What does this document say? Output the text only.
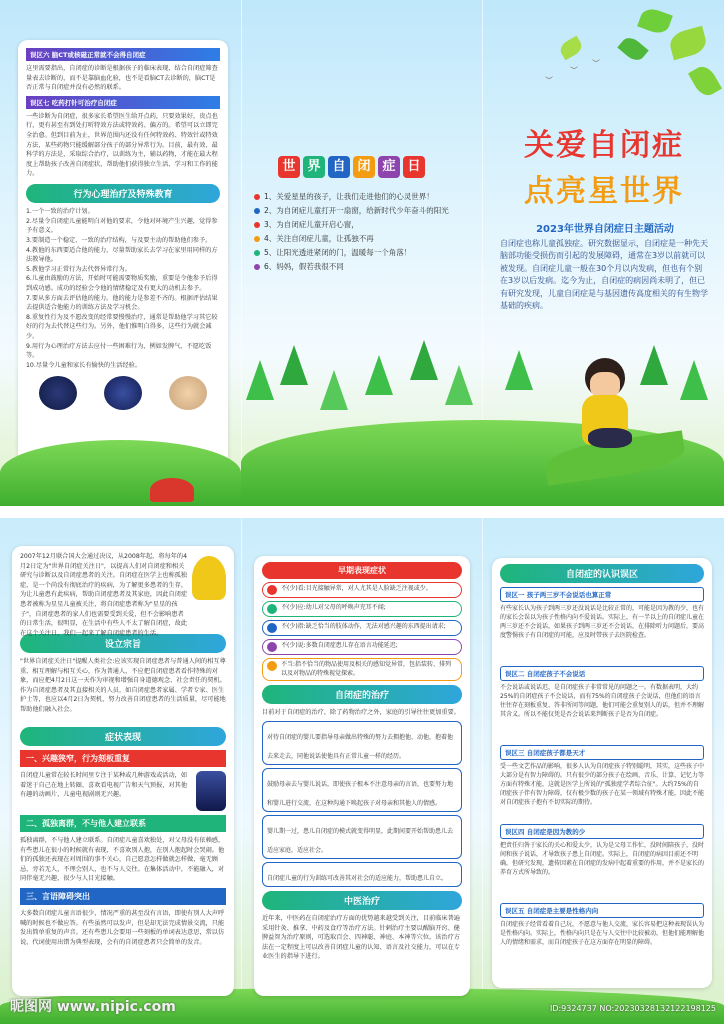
︶
︶
︶
误区六 脑CT或核磁正常就不会得自闭症
这里需要指出，自闭症的诊断是根据孩子的临床表现，结合自闭症筛查量表去诊断的，而不是靠脑血化验，也不是看脑CT去诊断的，脑CT是否正常与自闭症并没有必然的联系。
误区七 吃药打针可治疗自闭症
一些诊断为自闭症，很多家长希望医生给开点药，只要效果好，贵点也行，更有甚至有到处打听特效方法或特效药、偏方的。希望可以立即完全治愈。但到目前为止，世界范围内还没有任何特效药、特效针或特效方法，某些药物只能缓解部分孩子的部分异常行为。目前，最有效、最科学的方法是，采取综合治疗，以训练为主，辅以药物，才能在最大程度上帮助孩子改善自闭症状，帮助他们获得独立生活、学习和工作的能力。
行为心理治疗及特殊教育
1.一个一致的治疗计划。
2.尽量令自闭症儿童能明白对他的要求，令他对环境产生兴趣，觉得参予有意义。
3.要制造一个稳定、一致的治疗结构，与及要主动的帮助他们参予。
4.教他的东西要适合他的能力，尽量帮助家长去学习在家里用同样的方法教导他。
5.教他学习正常行为去代替异常行为。
6.儿童由鼓励的方法，开始时可能需要物质奖励，重要是令他参予后得到成功感。成功的经验会令他的情绪稳定及有更大的动机去参予。
7.要从多方面去评估他的能力。他的能力是参差不齐的。根据评估结果去提供适合他能力的训练方法及学习机会。
8.重复性行为及不愿改变的经常要慢慢治疗，通常是帮助他学习其它较好的行为去代替这些行为。另外，他们惟明白得多，这些行为就会减少。
9.用行为心理治疗方法去应付一些困难行为，例如发脾气、不愿吃饭等。
10.尽量令儿童和家长有愉快的生活经验。
世 界 自 闭 症 日
1、关爱星星的孩子，让我们走进他们的心灵世界！
2、为自闭症儿童打开一扇窗，给新时代少年奋斗的阳光
3、为自闭症儿童开启心窗，
4、关注自闭症儿童，让孤独不再
5、让阳光透进紧闭的门，温暖每一个角落！
6、妈妈，假若我很不同
关爱自闭症
点亮星世界
2023年世界自闭症日主题活动
自闭症也称儿童孤独症。研究数据显示，自闭症是一种先天脑部功能受损伤而引起的发展障碍，通常在3岁以前就可以被发现。自闭症儿童一般在30个月以内发病，但也有个别在3岁以后发病。迄今为止，自闭症的病因尚未明了，但已有研究发现，儿童自闭症是与基因遗传高度相关的有生物学基础的疾病。
2007年12月联合国大会通过决议，从2008年起，将每年的4月2日定为"世界自闭症关注日"，以提高人们对自闭症和相关研究与诊断以及自闭症患者的关注。自闭症在医学上也称孤独症，是一个尚没有彻底治疗的疾病，为了解更多患者的生存，为让儿童患有此疾病，帮助自闭症患者及其家庭，因此自闭症患者被称为星星儿童被关注，将自闭症患者称为"星星的孩子"，自闭症患者的家人们也需要受到关爱，但不会影响患者的日常生活，很明显，在生活中有些人不太了解自闭症，故此在这个关注日，我们一起来了解自闭症患者的生活。
设立宗旨
"世界自闭症关注日"提醒人类社会:应该实现自闭症患者与普通人间的相互尊重、相互理解与相互关心，作为普通人，不应把自闭症患者看作特殊的对象，而应把4月2日这一天作为审视和增强自身道德观念、社会责任的契机。作为自闭症患者及其直接相关的人员，如自闭症患者家属、学者专家、医生护士等，也应以4月2日为契机，努力改善自闭症患者的生活质量，尽可能地帮助他们融入社会。
症状表现
一、兴趣狭窄，行为刻板重复
自闭症儿童常在较长时间里专注于某种或几种游戏或活动，如着迷于自己在地上转圈、喜欢看电视广告和天气预报，对其他有趣的动画片，儿童电视剧则无兴趣。
二、孤独离群，不与他人建立联系
孤独离群，不与他人建立联系。自闭症儿童喜欢独处，对父母没有依赖感，有些患儿在很小的时候就有表现，不喜欢别人抱，在别人抱起时会哭闹。他们的孤独还表现在对周围的事不关心，自己愿意怎样做就怎样做，毫无顾忌，旁若无人，不理会别人，也不与人交往。在集体活动中，不能融入，对同伴毫无兴趣，很少与人目光接触。
三、言语障碍突出
大多数自闭症儿童言语很少，情况严重的甚至没有言语，即使有别人大声呼喊的时候也不做应答。有些虽然可以发声，但是却无法完成情景交流，只能发出简单重复的声音。还有些患儿会要用一些刻板的单词表达意思，常以仿说、代词使用出错为典型表现，会有的自闭症患者只会简单的发音。
早期表现症状
不(少)看:目光接触异常，对人尤其是人脸缺乏注视或少。
不(少)应:幼儿对父母的呼唤声充耳不闻;
不(少)指:缺乏恰当的肢体动作，无法对感兴趣的东西提出请求;
不(少)说:多数自闭症患儿存在语言功能延迟;
不当:指不恰当的物品使用及相关的感知觉异常，包括装转、排列以及对物品的特殊视觉探索。
自闭症的治疗
目前对于自闭症的治疗，除了药物治疗之外，家庭的引导往往更加重要。
对待自闭症的婴儿要指导母亲做出特殊的努力去拥抱他、动他，抱着他去来走去，同他说话使他具有正常儿童一样的经历。
鼓励母亲去与婴儿说话，即使孩子根本不注意母亲的言语，也要努力地和婴儿进行交流，在这种沟通下唤起孩子对母亲和其他人的情感。
婴儿期一过，患儿自闭症的模式就变得明显，此期间要开始帮助患儿去适应家庭，适应社会。
自闭症儿童的行为训练可改善其对社会的适应能力，帮助患儿自立。
中医治疗
近年来，中医药在自闭症治疗方面的优势越来越受到关注，目前临床普遍采用针灸、推拿、中药及食疗等治疗方法。针刺治疗主要以醒脑开窍、健脾益智为治疗原则，可选取百会、四神聪、神庭、本神等穴位。该治疗方法在一定程度上可以改善自闭症儿童的认知、语言及社交能力，可以在专业医生的指导下进行。
自闭症的认识误区
误区一 孩子两三岁不会说话也算正常
有些家长认为孩子到两三岁还没说话是比较正常的，可能是因为教的少，也有的家长会误以为孩子性格内向不爱说话。实际上，有一半以上的自闭症儿童在两三岁还不会说话，如果孩子到两三岁还不会说话，在排除听力问题后，要高度警惕孩子有自闭症的可能，应及时带孩子去医院检查。
误区二 自闭症孩子不会说话
不会说话或说话迟，是自闭症孩子非常常见的问题之一。有数据表明，大约25%的自闭症孩子不会说话，而有75%的自闭症孩子会说话，但他们的语言往往存在刻板重复、答非所问等问题，他们可能会重复别人的话，但并不理解其含义。所以不能仅凭是否会说话来判断孩子是否为自闭症。
误区三 自闭症孩子都是天才
受一些文艺作品的影响，很多人认为自闭症孩子特别聪明，其实，这些孩子中大部分是有智力障碍的。只有很少的部分孩子在绘画、音乐、计算、记忆力等方面有特殊才能，这就是医学上所说的"孤独症学者综合征"。大约75%的自闭症孩子伴有智力障碍，仅有极少数的孩子在某一领域有特殊才能，因此不能对自闭症孩子抱有不切实际的期待。
误区四 自闭症是因为教的少
把责任归咎于家长的关心和爱太少，认为是父母工作忙，没时间陪孩子，没时间和孩子说话，才导致孩子患上自闭症。实际上，自闭症的病因目前还不明确，但研究发现，遗传因素在自闭症的发病中起着重要的作用，并不是家长的养育方式所导致的。
误区五 自闭症是主要是性格内向
自闭症孩子经常看着自己玩，不愿意与他人交流，家长容易把这种表现误认为是性格内向。实际上，性格内向只是在与人交往中比较被动，但他们能理解他人的情绪和需求，而自闭症孩子在这方面存在明显的障碍。
昵图网 www.nipic.com	ID:9324737 NO:20230328132122198125
